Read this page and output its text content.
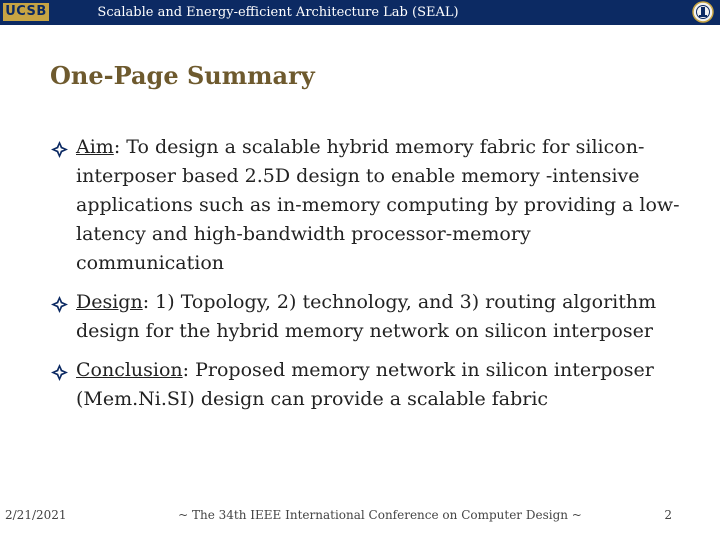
UCSB	Scalable and Energy-efficient Architecture Lab (SEAL)
One-Page Summary
Aim: To design a scalable hybrid memory fabric for silicon-interposer based 2.5D design to enable memory -intensive applications such as in-memory computing by providing a low-latency and high-bandwidth processor-memory communication
Design: 1) Topology, 2) technology, and 3) routing algorithm design for the hybrid memory network on silicon interposer
Conclusion: Proposed memory network in silicon interposer (Mem.Ni.SI) design can provide a scalable fabric
2/21/2021	~ The 34th IEEE International Conference on Computer Design ~	2
